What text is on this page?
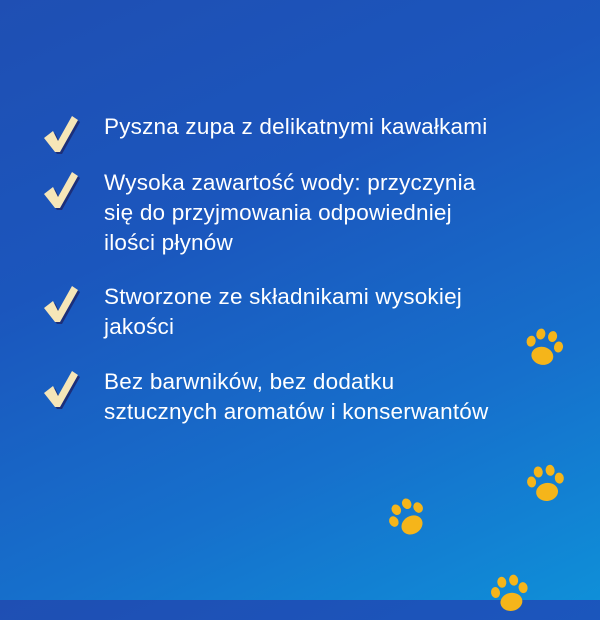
Pyszna zupa z delikatnymi kawałkami
Wysoka zawartość wody: przyczynia
się do przyjmowania odpowiedniej
ilości płynów
Stworzone ze składnikami wysokiej
jakości
Bez barwników, bez dodatku
sztucznych aromatów i konserwantów
